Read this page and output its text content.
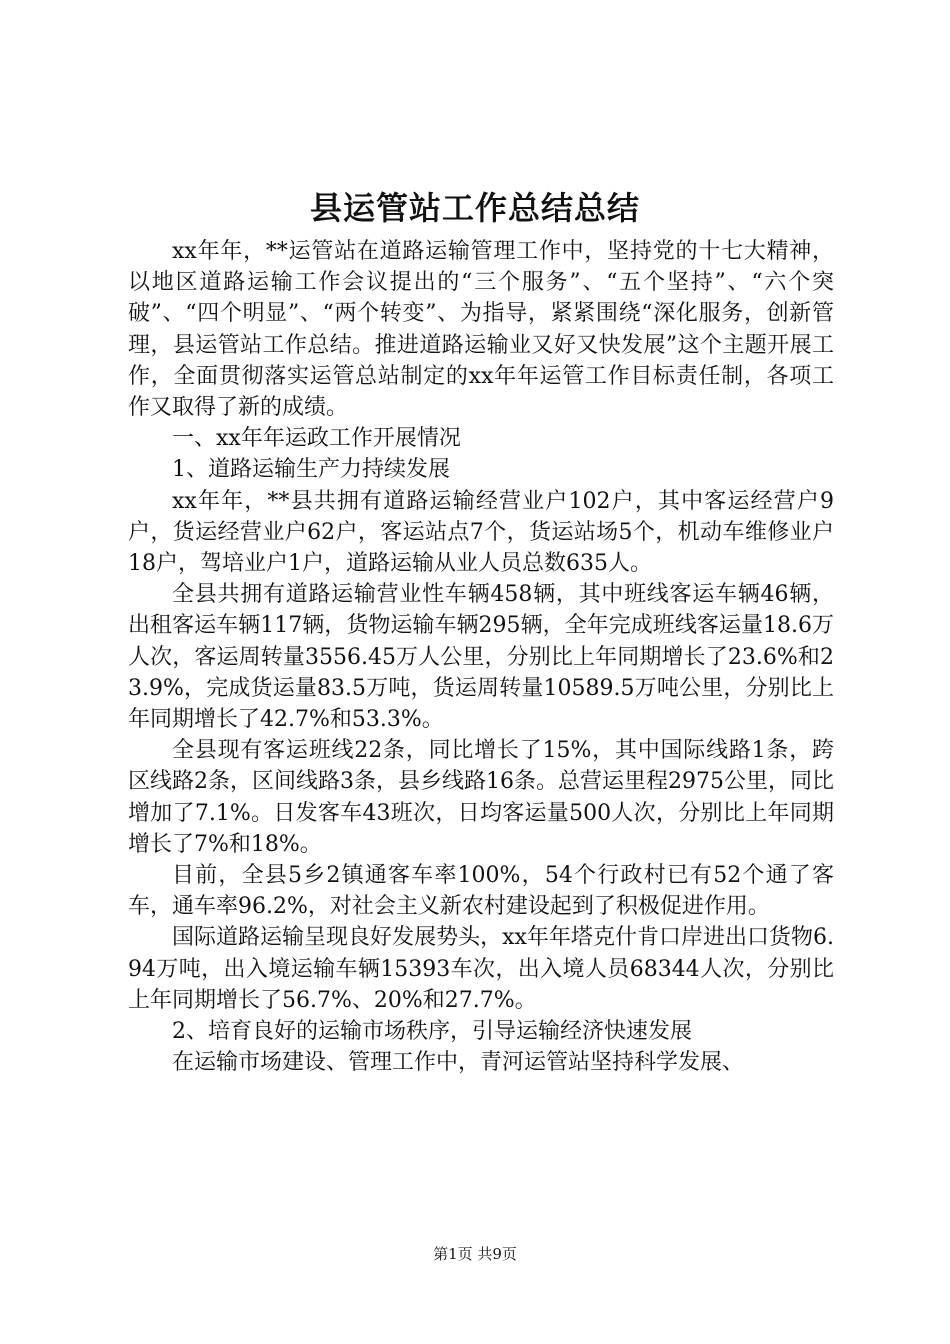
县运管站工作总结总结

xx年年，**运管站在道路运输管理工作中，坚持党的十七大精神，以地区道路运输工作会议提出的“三个服务”、“五个坚持”、“六个突破”、“四个明显”、“两个转变”、为指导，紧紧围绕“深化服务，创新管理，县运管站工作总结。推进道路运输业又好又快发展”这个主题开展工作，全面贯彻落实运管总站制定的xx年年运管工作目标责任制，各项工作又取得了新的成绩。

一、xx年年运政工作开展情况

1、道路运输生产力持续发展

xx年年，**县共拥有道路运输经营业户102户，其中客运经营户9户，货运经营业户62户，客运站点7个，货运站场5个，机动车维修业户18户，驾培业户1户，道路运输从业人员总数635人。

全县共拥有道路运输营业性车辆458辆，其中班线客运车辆46辆，出租客运车辆117辆，货物运输车辆295辆，全年完成班线客运量18.6万人次，客运周转量3556.45万人公里，分别比上年同期增长了23.6%和23.9%，完成货运量83.5万吨，货运周转量10589.5万吨公里，分别比上年同期增长了42.7%和53.3%。

全县现有客运班线22条，同比增长了15%，其中国际线路1条，跨区线路2条，区间线路3条，县乡线路16条。总营运里程2975公里，同比增加了7.1%。日发客车43班次，日均客运量500人次，分别比上年同期增长了7%和18%。

目前，全县5乡2镇通客车率100%，54个行政村已有52个通了客车，通车率96.2%，对社会主义新农村建设起到了积极促进作用。

国际道路运输呈现良好发展势头，xx年年塔克什肯口岸进出口货物6.94万吨，出入境运输车辆15393车次，出入境人员68344人次，分别比上年同期增长了56.7%、20%和27.7%。

2、培育良好的运输市场秩序，引导运输经济快速发展

在运输市场建设、管理工作中，青河运管站坚持科学发展、

第1页 共9页
